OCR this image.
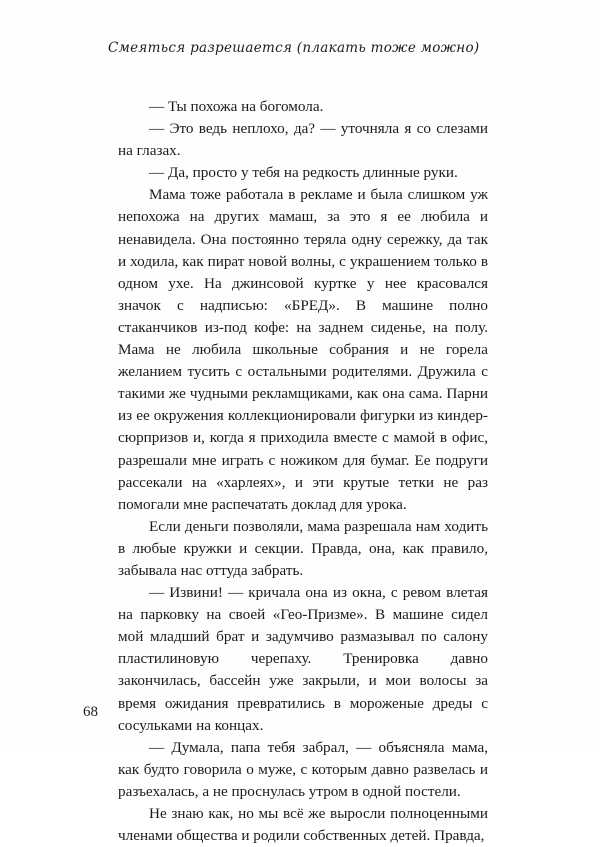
Смеяться разрешается (плакать тоже можно)

— Ты похожа на богомола.

— Это ведь неплохо, да? — уточняла я со слезами на глазах.

— Да, просто у тебя на редкость длинные руки.

Мама тоже работала в рекламе и была слишком уж непохожа на других мамаш, за это я ее любила и ненавидела. Она постоянно теряла одну сережку, да так и ходила, как пират новой волны, с украшением только в одном ухе. На джинсовой куртке у нее красовался значок с надписью: «БРЕД». В машине полно стаканчиков из-под кофе: на заднем сиденье, на полу. Мама не любила школьные собрания и не горела желанием тусить с остальными родителями. Дружила с такими же чудными рекламщиками, как она сама. Парни из ее окружения коллекционировали фигурки из киндер-сюрпризов и, когда я приходила вместе с мамой в офис, разрешали мне играть с ножиком для бумаг. Ее подруги рассекали на «харлеях», и эти крутые тетки не раз помогали мне распечатать доклад для урока.

Если деньги позволяли, мама разрешала нам ходить в любые кружки и секции. Правда, она, как правило, забывала нас оттуда забрать.

— Извини! — кричала она из окна, с ревом влетая на парковку на своей «Гео-Призме». В машине сидел мой младший брат и задумчиво размазывал по салону пластилиновую черепаху. Тренировка давно закончилась, бассейн уже закрыли, и мои волосы за время ожидания превратились в мороженые дреды с сосульками на концах.

— Думала, папа тебя забрал, — объясняла мама, как будто говорила о муже, с которым давно развелась и разъехалась, а не проснулась утром в одной постели.

Не знаю как, но мы всё же выросли полноценными членами общества и родили собственных детей. Правда,

68
